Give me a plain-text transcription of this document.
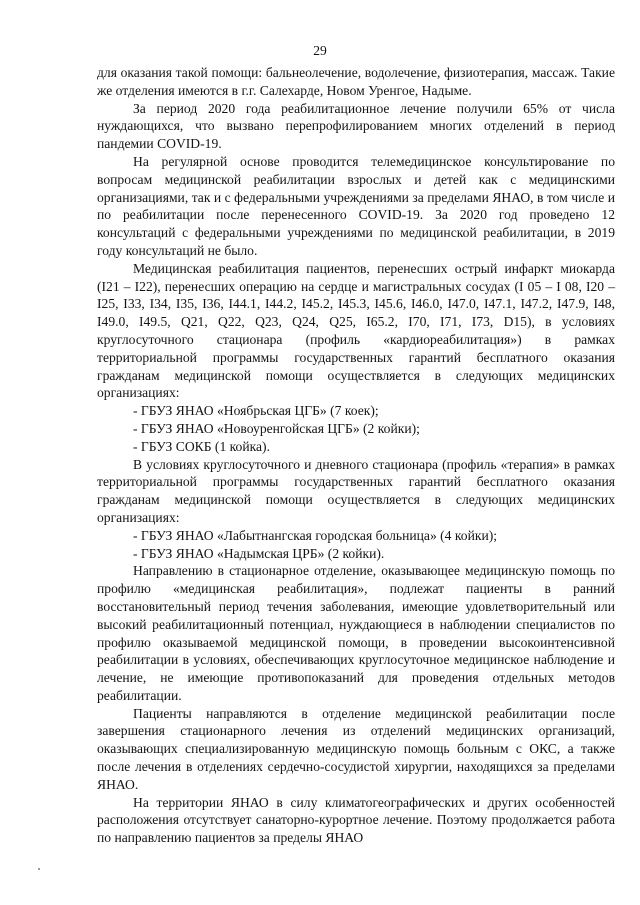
29

для оказания такой помощи: бальнеолечение, водолечение, физиотерапия, массаж. Такие же отделения имеются в г.г. Салехарде, Новом Уренгое, Надыме.

За период 2020 года реабилитационное лечение получили 65% от числа нуждающихся, что вызвано перепрофилированием многих отделений в период пандемии COVID-19.

На регулярной основе проводится телемедицинское консультирование по вопросам медицинской реабилитации взрослых и детей как с медицинскими организациями, так и с федеральными учреждениями за пределами ЯНАО, в том числе и по реабилитации после перенесенного COVID-19. За 2020 год проведено 12 консультаций с федеральными учреждениями по медицинской реабилитации, в 2019 году консультаций не было.

Медицинская реабилитация пациентов, перенесших острый инфаркт миокарда (I21 – I22), перенесших операцию на сердце и магистральных сосудах (I 05 – I 08, I20 – I25, I33, I34, I35, I36, I44.1, I44.2, I45.2, I45.3, I45.6, I46.0, I47.0, I47.1, I47.2, I47.9, I48, I49.0, I49.5, Q21, Q22, Q23, Q24, Q25, I65.2, I70, I71, I73, D15), в условиях круглосуточного стационара (профиль «кардиореабилитация») в рамках территориальной программы государственных гарантий бесплатного оказания гражданам медицинской помощи осуществляется в следующих медицинских организациях:

- ГБУЗ ЯНАО «Ноябрьская ЦГБ» (7 коек);

- ГБУЗ ЯНАО «Новоуренгойская ЦГБ» (2 койки);

- ГБУЗ СОКБ (1 койка).

В условиях круглосуточного и дневного стационара (профиль «терапия» в рамках территориальной программы государственных гарантий бесплатного оказания гражданам медицинской помощи осуществляется в следующих медицинских организациях:

- ГБУЗ ЯНАО «Лабытнангская городская больница» (4 койки);

- ГБУЗ ЯНАО «Надымская ЦРБ» (2 койки).

Направлению в стационарное отделение, оказывающее медицинскую помощь по профилю «медицинская реабилитация», подлежат пациенты в ранний восстановительный период течения заболевания, имеющие удовлетворительный или высокий реабилитационный потенциал, нуждающиеся в наблюдении специалистов по профилю оказываемой медицинской помощи, в проведении высокоинтенсивной реабилитации в условиях, обеспечивающих круглосуточное медицинское наблюдение и лечение, не имеющие противопоказаний для проведения отдельных методов реабилитации.

Пациенты направляются в отделение медицинской реабилитации после завершения стационарного лечения из отделений медицинских организаций, оказывающих специализированную медицинскую помощь больным с ОКС, а также после лечения в отделениях сердечно-сосудистой хирургии, находящихся за пределами ЯНАО.

На территории ЯНАО в силу климатогеографических и других особенностей расположения отсутствует санаторно-курортное лечение. Поэтому продолжается работа по направлению пациентов за пределы ЯНАО
